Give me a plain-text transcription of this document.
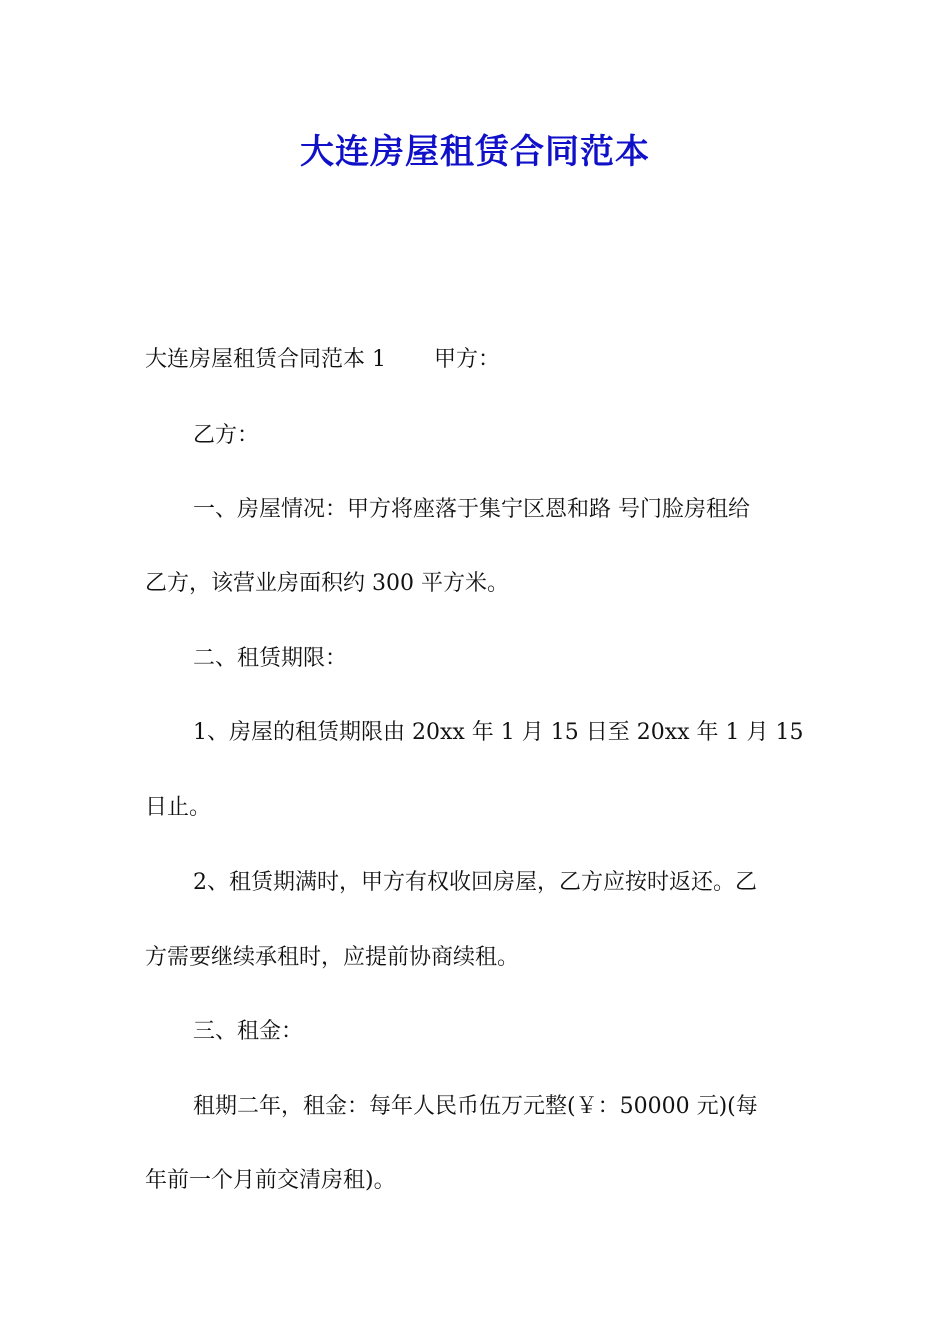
大连房屋租赁合同范本
大连房屋租赁合同范本 1 甲方：
乙方：
一、房屋情况：甲方将座落于集宁区恩和路 号门脸房租给
乙方，该营业房面积约 300 平方米。
二、租赁期限：
1、房屋的租赁期限由 20xx 年 1 月 15 日至 20xx 年 1 月 15
日止。
2、租赁期满时，甲方有权收回房屋，乙方应按时返还。乙
方需要继续承租时，应提前协商续租。
三、租金：
租期二年，租金：每年人民币伍万元整(￥：50000 元)(每
年前一个月前交清房租)。
